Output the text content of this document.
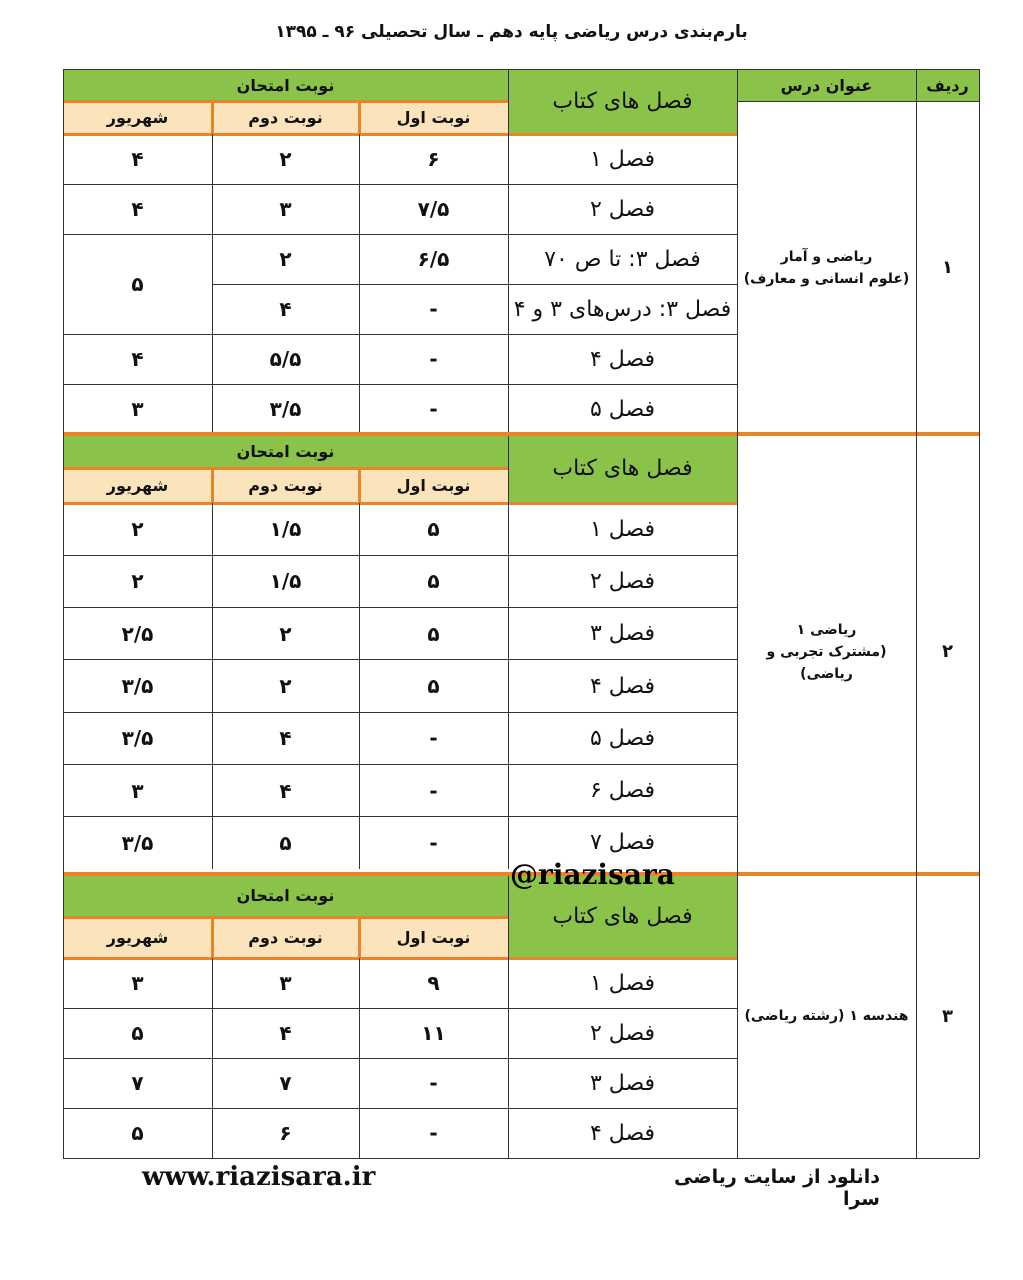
بارم‌بندی درس ریاضی پایه دهم ـ سال تحصیلی ۹۶ ـ ۱۳۹۵
ردیف
عنوان درس
نوبت امتحان
نوبت اول
نوبت دوم
شهریور
فصل های کتاب
ریاضی و آمار
(علوم انسانی و معارف)
۱
فصل ۱
۶
۲
۴
فصل ۲
۷/۵
۳
۴
فصل ۳: تا ص ۷۰
۶/۵
۲
۵
فصل ۳: درس‌های ۳ و ۴
-
۴
فصل ۴
-
۵/۵
۴
فصل ۵
-
۳/۵
۳
نوبت امتحان
نوبت اول
نوبت دوم
شهریور
فصل های کتاب
ریاضی ۱
(مشترک تجربی و
ریاضی)
۲
فصل ۱
۵
۱/۵
۲
فصل ۲
۵
۱/۵
۲
فصل ۳
۵
۲
۲/۵
فصل ۴
۵
۲
۳/۵
فصل ۵
-
۴
۳/۵
فصل ۶
-
۴
۳
فصل ۷
-
۵
۳/۵
نوبت امتحان
نوبت اول
نوبت دوم
شهریور
فصل های کتاب
هندسه ۱ (رشته ریاضی)	۳
فصل ۱
۹
۳
۳
فصل ۲
۱۱
۴
۵
فصل ۳
-
۷
۷
فصل ۴
-
۶
۵
@riazisara
www.riazisara.ir	دانلود از سایت ریاضی سرا
